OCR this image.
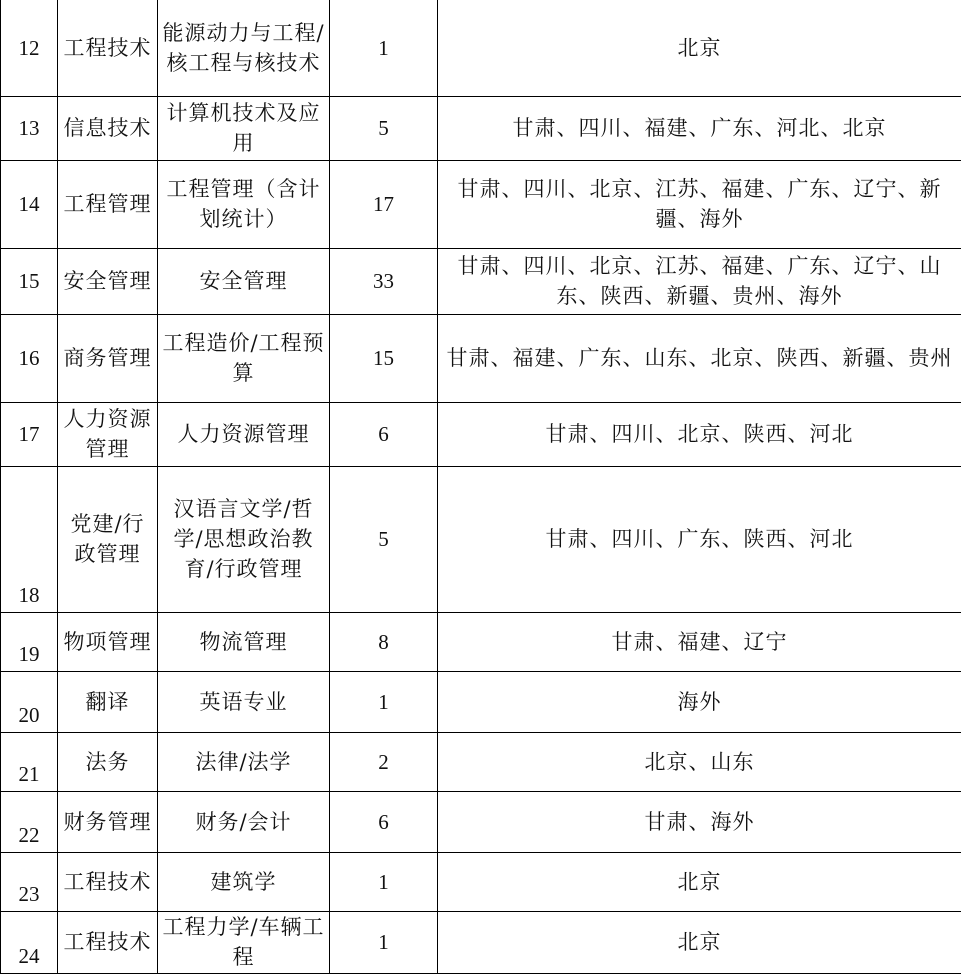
12	工程技术	能源动力与工程/核工程与核技术	1	北京
13	信息技术	计算机技术及应用	5	甘肃、四川、福建、广东、河北、北京
14	工程管理	工程管理（含计划统计）	17	甘肃、四川、北京、江苏、福建、广东、辽宁、新疆、海外
15	安全管理	安全管理	33	甘肃、四川、北京、江苏、福建、广东、辽宁、山东、陕西、新疆、贵州、海外
16	商务管理	工程造价/工程预算	15	甘肃、福建、广东、山东、北京、陕西、新疆、贵州
17	人力资源管理	人力资源管理	6	甘肃、四川、北京、陕西、河北
18	党建/行政管理	汉语言文学/哲学/思想政治教育/行政管理	5	甘肃、四川、广东、陕西、河北
19	物项管理	物流管理	8	甘肃、福建、辽宁
20	翻译	英语专业	1	海外
21	法务	法律/法学	2	北京、山东
22	财务管理	财务/会计	6	甘肃、海外
23	工程技术	建筑学	1	北京
24	工程技术	工程力学/车辆工程	1	北京
